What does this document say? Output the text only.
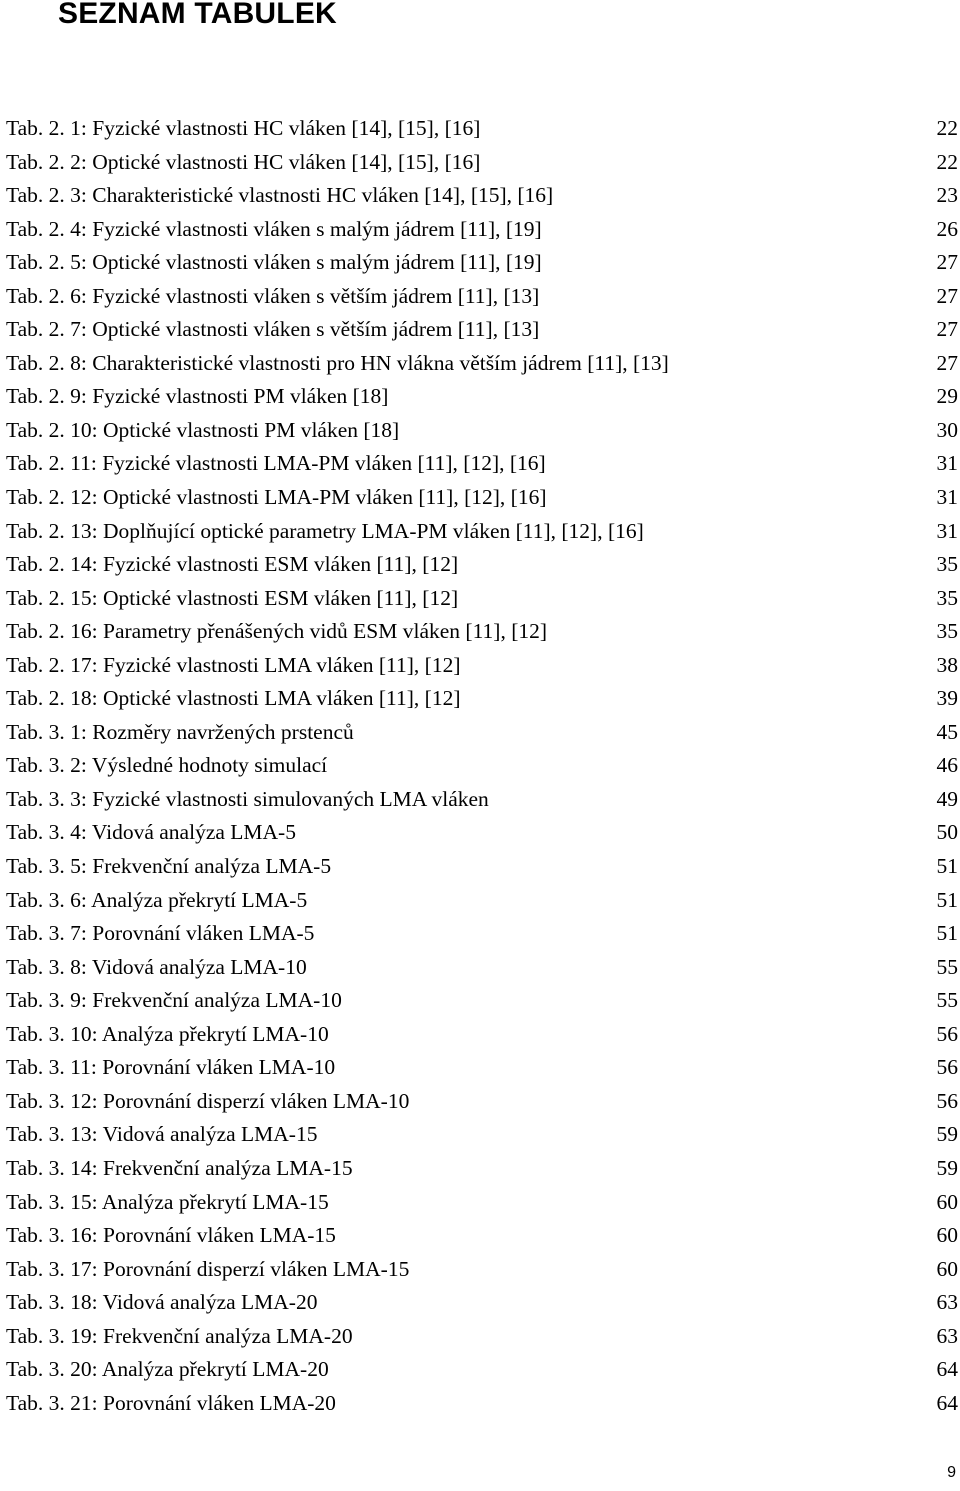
SEZNAM TABULEK
Tab. 2. 1: Fyzické vlastnosti HC vláken [14], [15], [16]	22
Tab. 2. 2: Optické vlastnosti HC vláken [14], [15], [16]	22
Tab. 2. 3: Charakteristické vlastnosti HC vláken [14], [15], [16]	23
Tab. 2. 4: Fyzické vlastnosti vláken s malým jádrem [11], [19]	26
Tab. 2. 5: Optické vlastnosti vláken s malým jádrem [11], [19]	27
Tab. 2. 6: Fyzické vlastnosti vláken s větším jádrem [11], [13]	27
Tab. 2. 7: Optické vlastnosti vláken s větším jádrem [11], [13]	27
Tab. 2. 8: Charakteristické vlastnosti pro HN vlákna větším jádrem [11], [13]	27
Tab. 2. 9: Fyzické vlastnosti PM vláken [18]	29
Tab. 2. 10: Optické vlastnosti PM vláken [18]	30
Tab. 2. 11: Fyzické vlastnosti LMA-PM vláken [11], [12], [16]	31
Tab. 2. 12: Optické vlastnosti LMA-PM vláken [11], [12], [16]	31
Tab. 2. 13: Doplňující optické parametry LMA-PM vláken [11], [12], [16]	31
Tab. 2. 14: Fyzické vlastnosti ESM vláken [11], [12]	35
Tab. 2. 15: Optické vlastnosti ESM vláken [11], [12]	35
Tab. 2. 16: Parametry přenášených vidů ESM vláken [11], [12]	35
Tab. 2. 17: Fyzické vlastnosti LMA vláken [11], [12]	38
Tab. 2. 18: Optické vlastnosti LMA vláken [11], [12]	39
Tab. 3. 1: Rozměry navržených prstenců	45
Tab. 3. 2: Výsledné hodnoty simulací	46
Tab. 3. 3: Fyzické vlastnosti simulovaných LMA vláken	49
Tab. 3. 4: Vidová analýza LMA-5	50
Tab. 3. 5: Frekvenční analýza LMA-5	51
Tab. 3. 6: Analýza překrytí LMA-5	51
Tab. 3. 7: Porovnání vláken LMA-5	51
Tab. 3. 8: Vidová analýza LMA-10	55
Tab. 3. 9: Frekvenční analýza LMA-10	55
Tab. 3. 10: Analýza překrytí LMA-10	56
Tab. 3. 11: Porovnání vláken LMA-10	56
Tab. 3. 12: Porovnání disperzí vláken LMA-10	56
Tab. 3. 13: Vidová analýza LMA-15	59
Tab. 3. 14: Frekvenční analýza LMA-15	59
Tab. 3. 15: Analýza překrytí LMA-15	60
Tab. 3. 16: Porovnání vláken LMA-15	60
Tab. 3. 17: Porovnání disperzí vláken LMA-15	60
Tab. 3. 18: Vidová analýza LMA-20	63
Tab. 3. 19: Frekvenční analýza LMA-20	63
Tab. 3. 20: Analýza překrytí LMA-20	64
Tab. 3. 21: Porovnání vláken LMA-20	64
9
